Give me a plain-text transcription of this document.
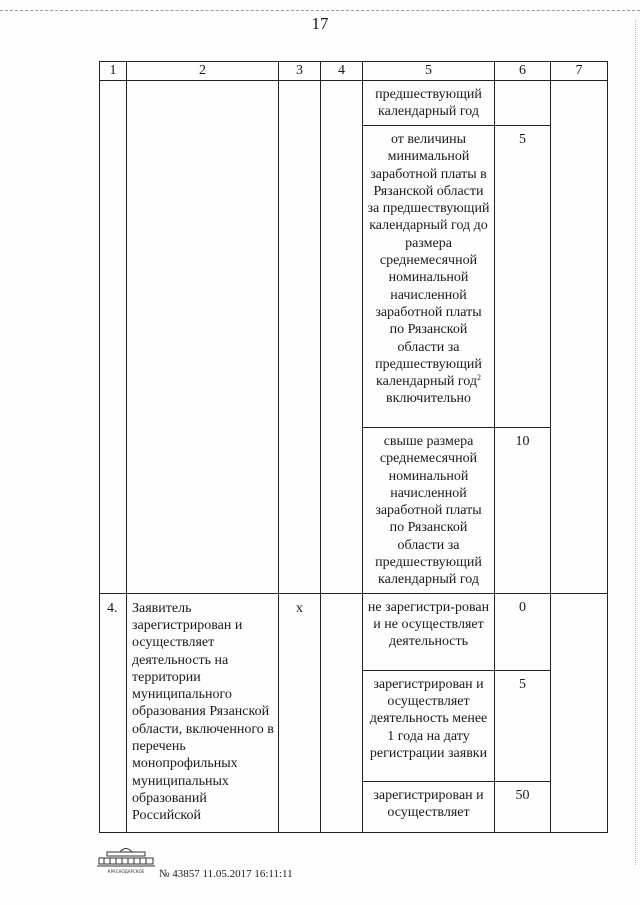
17
1	2	3	4	5	6	7
				предшествующий календарный год		
				от величины минимальной заработной платы в Рязанской области за предшествующий календарный год до размера среднемесячной номинальной начисленной заработной платы по Рязанской области за предшествующий календарный год$^2$ включительно	5	
				свыше размера среднемесячной номинальной начисленной заработной платы по Рязанской области за предшествующий календарный год	10	
4.	Заявитель зарегистрирован и осуществляет деятельность на территории муниципального образования Рязанской области, включенного в перечень монопрофильных муниципальных образований Российской	x		не зарегистри-рован и не осуществляет деятельность	0	
				зарегистрирован и осуществляет деятельность менее 1 года на дату регистрации заявки	5	
				зарегистрирован и осуществляет	50	
КРАСНОДАРСКОЕ № 43857 11.05.2017 16:11:11
